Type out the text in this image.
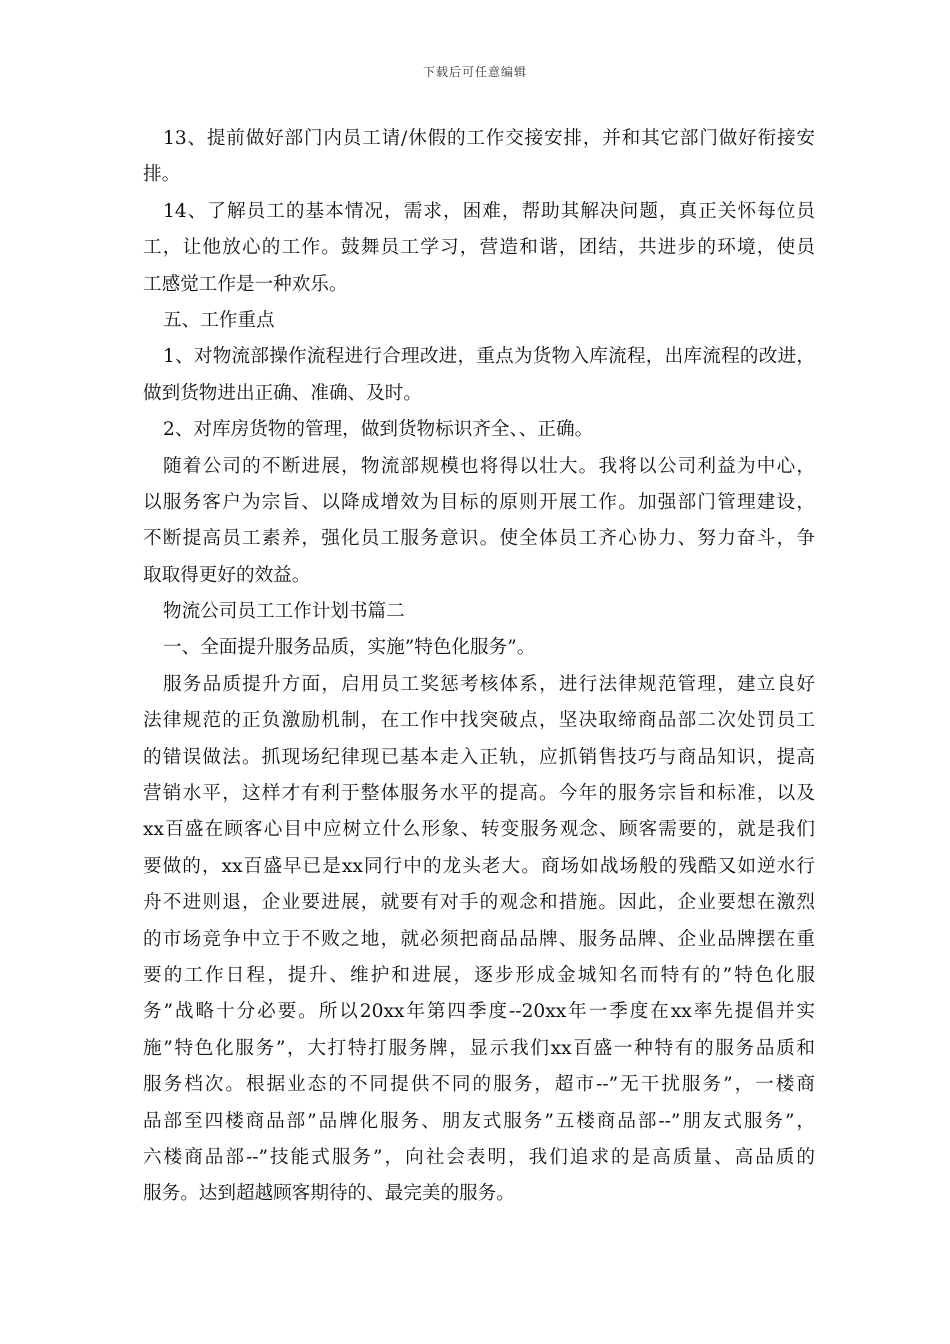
下载后可任意编辑
13、提前做好部门内员工请/休假的工作交接安排，并和其它部门做好衔接安
排。
14、了解员工的基本情况，需求，困难，帮助其解决问题，真正关怀每位员
工，让他放心的工作。鼓舞员工学习，营造和谐，团结，共进步的环境，使员
工感觉工作是一种欢乐。
五、工作重点
1、对物流部操作流程进行合理改进，重点为货物入库流程，出库流程的改进，
做到货物进出正确、准确、及时。
2、对库房货物的管理，做到货物标识齐全、、正确。
随着公司的不断进展，物流部规模也将得以壮大。我将以公司利益为中心，
以服务客户为宗旨、以降成增效为目标的原则开展工作。加强部门管理建设，
不断提高员工素养，强化员工服务意识。使全体员工齐心协力、努力奋斗，争
取取得更好的效益。
物流公司员工工作计划书篇二
一、全面提升服务品质，实施”特色化服务”。
服务品质提升方面，启用员工奖惩考核体系，进行法律规范管理，建立良好
法律规范的正负激励机制，在工作中找突破点，坚决取缔商品部二次处罚员工
的错误做法。抓现场纪律现已基本走入正轨，应抓销售技巧与商品知识，提高
营销水平，这样才有利于整体服务水平的提高。今年的服务宗旨和标准，以及
xx百盛在顾客心目中应树立什么形象、转变服务观念、顾客需要的，就是我们
要做的，xx百盛早已是xx同行中的龙头老大。商场如战场般的残酷又如逆水行
舟不进则退，企业要进展，就要有对手的观念和措施。因此，企业要想在激烈
的市场竞争中立于不败之地，就必须把商品品牌、服务品牌、企业品牌摆在重
要的工作日程，提升、维护和进展，逐步形成金城知名而特有的”特色化服
务”战略十分必要。所以20xx年第四季度--20xx年一季度在xx率先提倡并实
施”特色化服务”，大打特打服务牌，显示我们xx百盛一种特有的服务品质和
服务档次。根据业态的不同提供不同的服务，超市--”无干扰服务”，一楼商
品部至四楼商品部”品牌化服务、朋友式服务”五楼商品部--”朋友式服务”，
六楼商品部--”技能式服务”，向社会表明，我们追求的是高质量、高品质的
服务。达到超越顾客期待的、最完美的服务。
